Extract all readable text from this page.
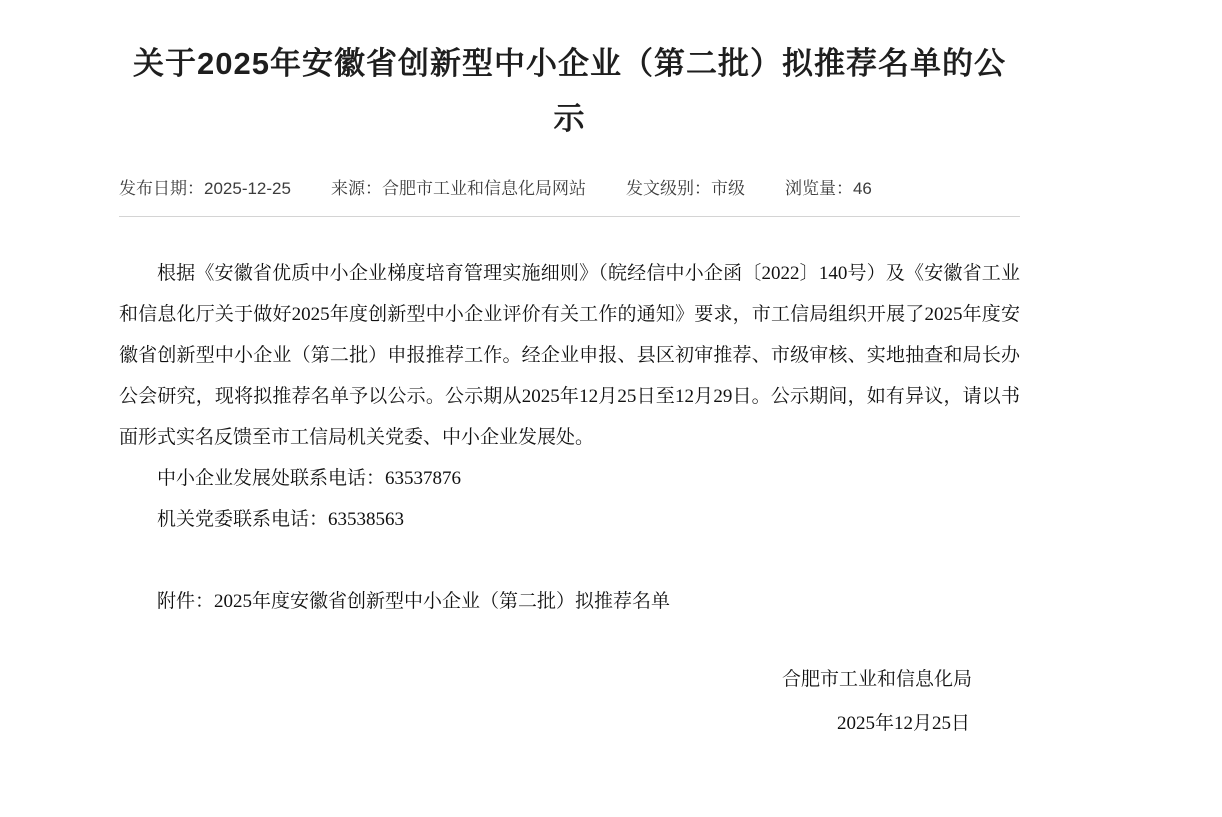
关于2025年安徽省创新型中小企业（第二批）拟推荐名单的公示
发布日期：2025-12-25 来源：合肥市工业和信息化局网站 发文级别：市级 浏览量：46

根据《安徽省优质中小企业梯度培育管理实施细则》（皖经信中小企函〔2022〕140号）及《安徽省工业和信息化厅关于做好2025年度创新型中小企业评价有关工作的通知》要求，市工信局组织开展了2025年度安徽省创新型中小企业（第二批）申报推荐工作。经企业申报、县区初审推荐、市级审核、实地抽查和局长办公会研究，现将拟推荐名单予以公示。公示期从2025年12月25日至12月29日。公示期间，如有异议，请以书面形式实名反馈至市工信局机关党委、中小企业发展处。

中小企业发展处联系电话：63537876

机关党委联系电话：63538563

附件：2025年度安徽省创新型中小企业（第二批）拟推荐名单

合肥市工业和信息化局
2025年12月25日
